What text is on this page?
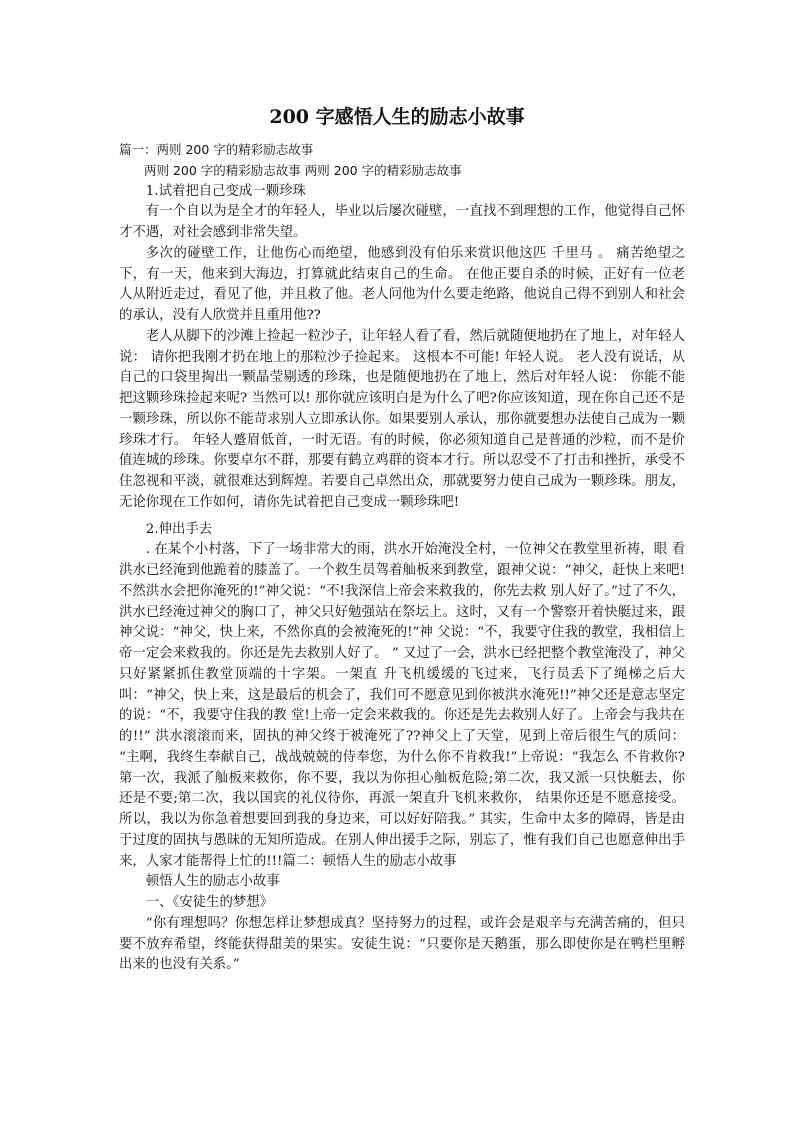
200 字感悟人生的励志小故事

篇一：两则 200 字的精彩励志故事

两则 200 字的精彩励志故事 两则 200 字的精彩励志故事

1.试着把自己变成一颗珍珠

有一个自以为是全才的年轻人，毕业以后屡次碰壁，一直找不到理想的工作，他觉得自己怀才不遇，对社会感到非常失望。

多次的碰壁工作，让他伤心而绝望，他感到没有伯乐来赏识他这匹 千里马 。 痛苦绝望之下，有一天，他来到大海边，打算就此结束自己的生命。 在他正要自杀的时候，正好有一位老人从附近走过，看见了他，并且救了他。老人问他为什么要走绝路，他说自己得不到别人和社会的承认，没有人欣赏并且重用他??

老人从脚下的沙滩上捡起一粒沙子，让年轻人看了看，然后就随便地扔在了地上，对年轻人说： 请你把我刚才扔在地上的那粒沙子捡起来。 这根本不可能! 年轻人说。 老人没有说话，从自己的口袋里掏出一颗晶莹剔透的珍珠，也是随便地扔在了地上，然后对年轻人说： 你能不能把这颗珍珠捡起来呢? 当然可以! 那你就应该明白是为什么了吧?你应该知道，现在你自己还不是一颗珍珠，所以你不能苛求别人立即承认你。如果要别人承认，那你就要想办法使自己成为一颗珍珠才行。 年轻人蹙眉低首，一时无语。有的时候，你必须知道自己是普通的沙粒，而不是价值连城的珍珠。你要卓尔不群，那要有鹤立鸡群的资本才行。所以忍受不了打击和挫折，承受不住忽视和平淡，就很难达到辉煌。若要自己卓然出众，那就要努力使自己成为一颗珍珠。朋友，无论你现在工作如何，请你先试着把自己变成一颗珍珠吧!

2.伸出手去

. 在某个小村落，下了一场非常大的雨，洪水开始淹没全村，一位神父在教堂里祈祷，眼 看洪水已经淹到他跪着的膝盖了。一个救生员驾着舢板来到教堂，跟神父说：“神父，赶快上来吧!不然洪水会把你淹死的!”神父说：“不!我深信上帝会来救我的，你先去救 别人好了。”过了不久，洪水已经淹过神父的胸口了，神父只好勉强站在祭坛上。这时，又有一个警察开着快艇过来，跟神父说：“神父，快上来，不然你真的会被淹死的!”神 父说：“不，我要守住我的教堂，我相信上帝一定会来救我的。你还是先去救别人好了。 ” 又过了一会，洪水已经把整个教堂淹没了，神父只好紧紧抓住教堂顶端的十字架。一架直 升飞机缓缓的飞过来，飞行员丢下了绳梯之后大叫：“神父，快上来，这是最后的机会了，我们可不愿意见到你被洪水淹死!!”神父还是意志坚定的说：“不，我要守住我的教 堂!上帝一定会来救我的。你还是先去救别人好了。上帝会与我共在的!!” 洪水滚滚而来，固执的神父终于被淹死了??神父上了天堂，见到上帝后很生气的质问： “主啊，我终生奉献自己，战战兢兢的侍奉您，为什么你不肯救我!”上帝说：“我怎么 不肯救你?第一次，我派了舢板来救你，你不要，我以为你担心舢板危险;第二次，我又派一只快艇去，你还是不要;第二次，我以国宾的礼仪待你，再派一架直升飞机来救你， 结果你还是不愿意接受。所以，我以为你急着想要回到我的身边来，可以好好陪我。” 其实，生命中太多的障碍，皆是由于过度的固执与愚昧的无知所造成。在别人伸出援手之际，别忘了，惟有我们自己也愿意伸出手来，人家才能帮得上忙的!!!篇二：顿悟人生的励志小故事

顿悟人生的励志小故事

一、《安徒生的梦想》

“你有理想吗？你想怎样让梦想成真？坚持努力的过程，或许会是艰辛与充满苦痛的，但只要不放弃希望，终能获得甜美的果实。安徒生说：“只要你是天鹅蛋，那么即使你是在鸭栏里孵出来的也没有关系。”
